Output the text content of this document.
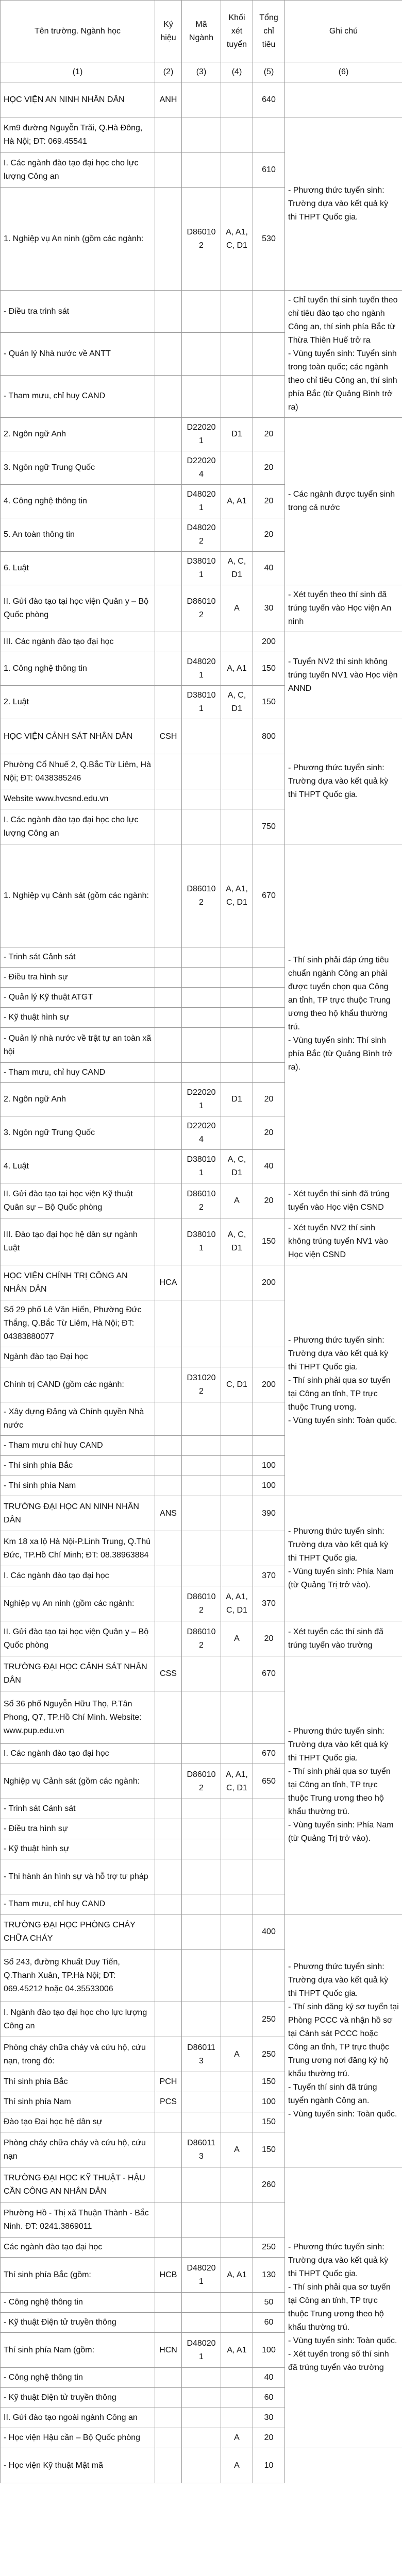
Tên trường. Ngành học	Ký hiệu	Mã Ngành	Khối xét tuyển	Tổng chỉ tiêu	Ghi chú
(1)	(2)	(3)	(4)	(5)	(6)
HỌC VIỆN AN NINH NHÂN DÂN	ANH			640	
Km9 đường Nguyễn Trãi, Q.Hà Đông, Hà Nội; ĐT: 069.45541					- Phương thức tuyển sinh: Trường dựa vào kết quả kỳ thi THPT Quốc gia.

I. Các ngành đào tạo đại học cho lực lượng Công an				610	
1. Nghiệp vụ An ninh (gồm các ngành:		D860102	A, A1, C, D1	530	
- Điều tra trinh sát					- Chỉ tuyển thí sinh tuyển theo chỉ tiêu đào tạo cho ngành Công an, thí sinh phía Bắc từ Thừa Thiên Huế trở ra
- Vùng tuyển sinh: Tuyển sinh trong toàn quốc; các ngành theo chỉ tiêu Công an, thí sinh phía Bắc (từ Quảng Bình trở ra)

- Quản lý Nhà nước về ANTT					
- Tham mưu, chỉ huy CAND					
2. Ngôn ngữ Anh		D220201	D1	20	- Các ngành được tuyển sinh trong cả nước

3. Ngôn ngữ Trung Quốc		D220204		20	
4. Công nghệ thông tin		D480201	A, A1	20	
5. An toàn thông tin		D480202		20	
6. Luật		D380101	A, C, D1	40	
II. Gửi đào tạo tại học viện Quân y – Bộ Quốc phòng		D860102	A	30	- Xét tuyển theo thí sinh đã trúng tuyển vào Học viện An ninh

III. Các ngành đào tạo đại học				200	- Tuyển NV2 thí sinh không trúng tuyển NV1 vào Học viện ANND

1. Công nghệ thông tin		D480201	A, A1	150	
2. Luật		D380101	A, C, D1	150	
HỌC VIỆN CẢNH SÁT NHÂN DÂN	CSH			800	- Phương thức tuyển sinh: Trường dựa vào kết quả kỳ thi THPT Quốc gia.

Phường Cổ Nhuế 2, Q.Bắc Từ Liêm, Hà Nội; ĐT: 0438385246					
Website www.hvcsnd.edu.vn					
I. Các ngành đào tạo đại học cho lực lượng Công an				750	
1. Nghiệp vụ Cảnh sát (gồm các ngành:		D860102	A, A1, C, D1	670	- Thí sinh phải đáp ứng tiêu chuẩn ngành Công an phải được tuyển chọn qua Công an tỉnh, TP trực thuộc Trung ương theo hộ khẩu thường trú.
- Vùng tuyển sinh: Thí sinh phía Bắc (từ Quảng Bình trở ra).

- Trinh sát Cảnh sát					
- Điều tra hình sự					
- Quản lý Kỹ thuật ATGT					
- Kỹ thuật hình sự					
- Quản lý nhà nước về trật tự an toàn xã hội					
- Tham mưu, chỉ huy CAND					
2. Ngôn ngữ Anh		D220201	D1	20	
3. Ngôn ngữ Trung Quốc		D220204		20	
4. Luật		D380101	A, C, D1	40	
II. Gửi đào tạo tại học viện Kỹ thuật Quân sự – Bộ Quốc phòng		D860102	A	20	- Xét tuyển thí sinh đã trúng tuyển vào Học viện CSND

III. Đào tạo đại học hệ dân sự ngành Luật		D380101	A, C, D1	150	- Xét tuyển NV2 thí sinh không trúng tuyển NV1 vào Học viện CSND

HỌC VIỆN CHÍNH TRỊ CÔNG AN NHÂN DÂN	HCA			200	- Phương thức tuyển sinh: Trường dựa vào kết quả kỳ thi THPT Quốc gia.
- Thí sinh phải qua sơ tuyển tại Công an tỉnh, TP trực thuộc Trung ương.
- Vùng tuyển sinh: Toàn quốc.

Số 29 phố Lê Văn Hiến, Phường Đức Thắng, Q.Bắc Từ Liêm, Hà Nội; ĐT: 04383880077					
Ngành đào tạo Đại học					
Chính trị CAND (gồm các ngành:		D310202	C, D1	200	
- Xây dựng Đảng và Chính quyền Nhà nước					
- Tham mưu chỉ huy CAND					
- Thí sinh phía Bắc				100	
- Thí sinh phía Nam				100	
TRƯỜNG ĐẠI HỌC AN NINH NHÂN DÂN	ANS			390	- Phương thức tuyển sinh: Trường dựa vào kết quả kỳ thi THPT Quốc gia.
- Vùng tuyển sinh: Phía Nam (từ Quảng Trị trở vào).

Km 18 xa lộ Hà Nội-P.Linh Trung, Q.Thủ Đức, TP.Hồ Chí Minh; ĐT: 08.38963884					
I. Các ngành đào tạo đại học				370	
Nghiệp vụ An ninh (gồm các ngành:		D860102	A, A1, C, D1	370	
II. Gửi đào tạo tại học viện Quân y – Bộ Quốc phòng		D860102	A	20	- Xét tuyển các thí sinh đã trúng tuyển vào trường

TRƯỜNG ĐẠI HỌC CẢNH SÁT NHÂN DÂN	CSS			670	- Phương thức tuyển sinh: Trường dựa vào kết quả kỳ thi THPT Quốc gia.
- Thí sinh phải qua sơ tuyển tại Công an tỉnh, TP trực thuộc Trung ương theo hộ khẩu thường trú.
- Vùng tuyển sinh: Phía Nam (từ Quảng Trị trở vào).

Số 36 phố Nguyễn Hữu Thọ, P.Tân Phong, Q7, TP.Hồ Chí Minh. Website: www.pup.edu.vn					
I. Các ngành đào tạo đại học				670	
Nghiệp vụ Cảnh sát (gồm các ngành:		D860102	A, A1, C, D1	650	
- Trinh sát Cảnh sát					
- Điều tra hình sự					
- Kỹ thuật hình sự					
- Thi hành án hình sự và hỗ trợ tư pháp					
- Tham mưu, chỉ huy CAND					
TRƯỜNG ĐẠI HỌC PHÒNG CHÁY CHỮA CHÁY				400	- Phương thức tuyển sinh: Trường dựa vào kết quả kỳ thi THPT Quốc gia.
- Thí sinh đăng ký sơ tuyển tại Phòng PCCC và nhận hồ sơ tại Cảnh sát PCCC hoặc Công an tỉnh, TP trực thuộc Trung ương nơi đăng ký hộ khẩu thường trú.
- Tuyển thí sinh đã trúng tuyển ngành Công an.
- Vùng tuyển sinh: Toàn quốc.

Số 243, đường Khuất Duy Tiến, Q.Thanh Xuân, TP.Hà Nội; ĐT: 069.45212 hoặc 04.35533006					
I. Ngành đào tạo đại học cho lực lượng Công an				250	
Phòng cháy chữa cháy và cứu hộ, cứu nạn, trong đó:		D860113	A	250	
Thí sinh phía Bắc	PCH			150	
Thí sinh phía Nam	PCS			100	
Đào tạo Đại học hệ dân sự				150	
Phòng cháy chữa cháy và cứu hộ, cứu nạn		D860113	A	150	
TRƯỜNG ĐẠI HỌC KỸ THUẬT - HẬU CẦN CÔNG AN NHÂN DÂN				260	- Phương thức tuyển sinh: Trường dựa vào kết quả kỳ thi THPT Quốc gia.
- Thí sinh phải qua sơ tuyển tại Công an tỉnh, TP trực thuộc Trung ương theo hộ khẩu thường trú.
- Vùng tuyển sinh: Toàn quốc.
- Xét tuyển trong số thí sinh đã trúng tuyển vào trường

Phường Hồ - Thị xã Thuận Thành - Bắc Ninh. ĐT: 0241.3869011					
Các ngành đào tạo đại học				250	
Thí sinh phía Bắc (gồm:	HCB	D480201	A, A1	130	
- Công nghệ thông tin				50	
- Kỹ thuật Điện tử truyền thông				60	
Thí sinh phía Nam (gồm:	HCN	D480201	A, A1	100	
- Công nghệ thông tin				40	
- Kỹ thuật Điện tử truyền thông				60	
II. Gửi đào tạo ngoài ngành Công an				30	
- Học viện Hậu cần – Bộ Quốc phòng			A	20	
- Học viện Kỹ thuật Mật mã			A	10	
